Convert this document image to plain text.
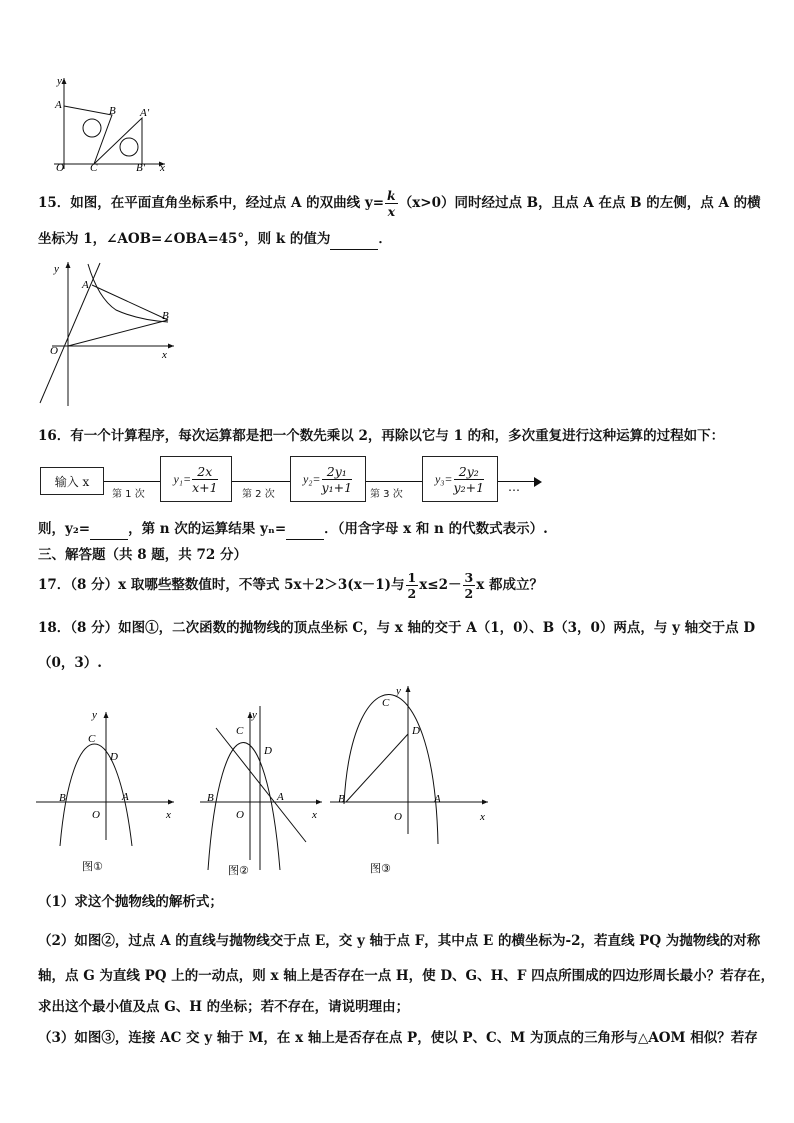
y
x
O
A	B
C
A′
B′
15．如图，在平面直角坐标系中，经过点 A 的双曲线 $y= \frac{k}{x} (x>0)$同时经过点 B，且点 A 在点 B 的左侧，点 A 的横
坐标为 1，∠AOB=∠OBA=45°，则 k 的值为	．
y
x
A
B
O
16．有一个计算程序，每次运算都是把一个数先乘以 2，再除以它与 1 的和，多次重复进行这种运算的过程如下：
输入 x
第 1 次
$y_1= \frac{2x}{x+1}$ 第 2 次
$y_2= \frac{\text{2y₁}}{\text{y₁+1}}$ 第 3 次
$y_3= \frac{\text{2y₂}}{\text{y₂+1}}$ …
则，y₂=	，第 n 次的运算结果 yₙ=	．（用含字母 x 和 n 的代数式表示）.
三、解答题（共 8 题，共 72 分）
17．（8 分）x 取哪些整数值时，不等式 5x＋2＞3(x－1)与 $\frac{1}{2} x\le 2- \frac{3}{2}$ x 都成立？
18．（8 分）如图①，二次函数的抛物线的顶点坐标 C，与 x 轴的交于 A（1，0）、B（3，0）两点，与 y 轴交于点 D
（0，3）.
y
x
C
D
B	A
O
图①
y
x
C
D
B	A
O
图②
y
x
C
D
B	A
O
图③
（1）求这个抛物线的解析式；
（2）如图②，过点 A 的直线与抛物线交于点 E，交 y 轴于点 F，其中点 E 的横坐标为-2，若直线 PQ 为抛物线的对称
轴，点 G 为直线 PQ 上的一动点，则 x 轴上是否存在一点 H，使 D、G、H、F 四点所围成的四边形周长最小？若存在，
求出这个最小值及点 G、H 的坐标；若不存在，请说明理由；
（3）如图③，连接 AC 交 y 轴于 M，在 x 轴上是否存在点 P，使以 P、C、M 为顶点的三角形与△AOM 相似？若存
